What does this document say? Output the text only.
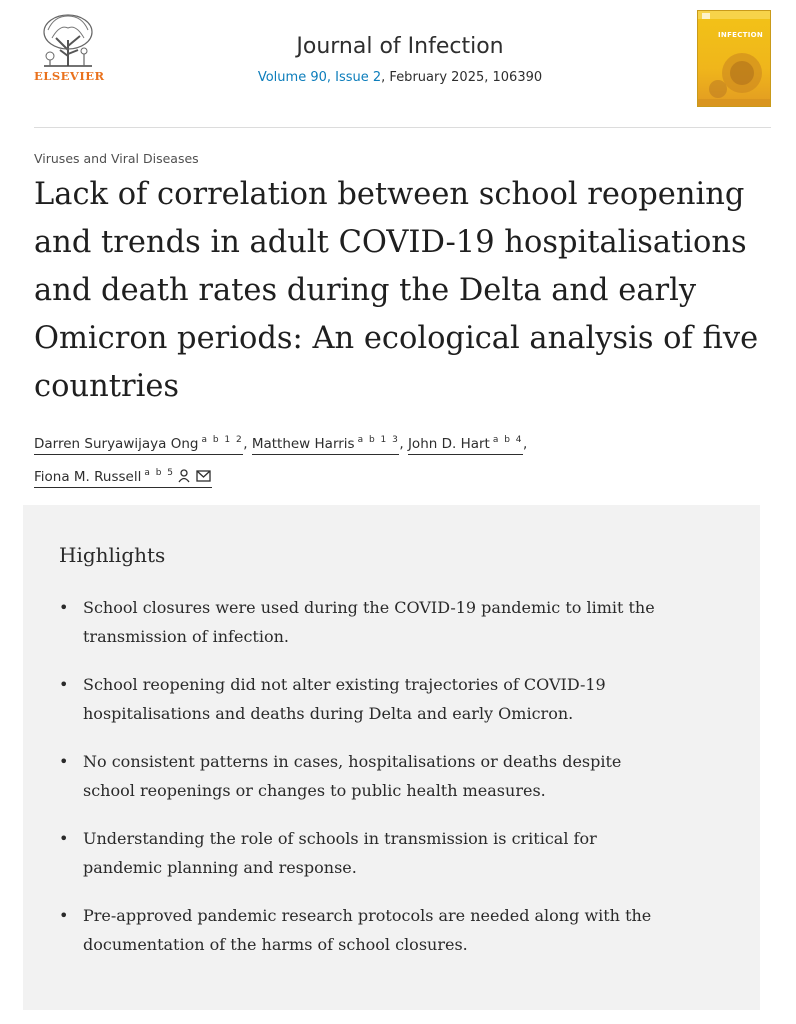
ELSEVIER
Journal of Infection
Volume 90, Issue 2, February 2025, 106390
INFECTION
Viruses and Viral Diseases
Lack of correlation between school reopening and trends in adult COVID-19 hospitalisations and death rates during the Delta and early Omicron periods: An ecological analysis of five countries
Darren Suryawijaya Ong $^{a b 1 2}$, Matthew Harris $^{a b 1 3}$, John D. Hart $^{a b 4}$,
Fiona M. Russell $^{a b 5}$
Highlights
• School closures were used during the COVID-19 pandemic to limit the transmission of infection.
• School reopening did not alter existing trajectories of COVID-19 hospitalisations and deaths during Delta and early Omicron.
• No consistent patterns in cases, hospitalisations or deaths despite school reopenings or changes to public health measures.
• Understanding the role of schools in transmission is critical for pandemic planning and response.
• Pre-approved pandemic research protocols are needed along with the documentation of the harms of school closures.
